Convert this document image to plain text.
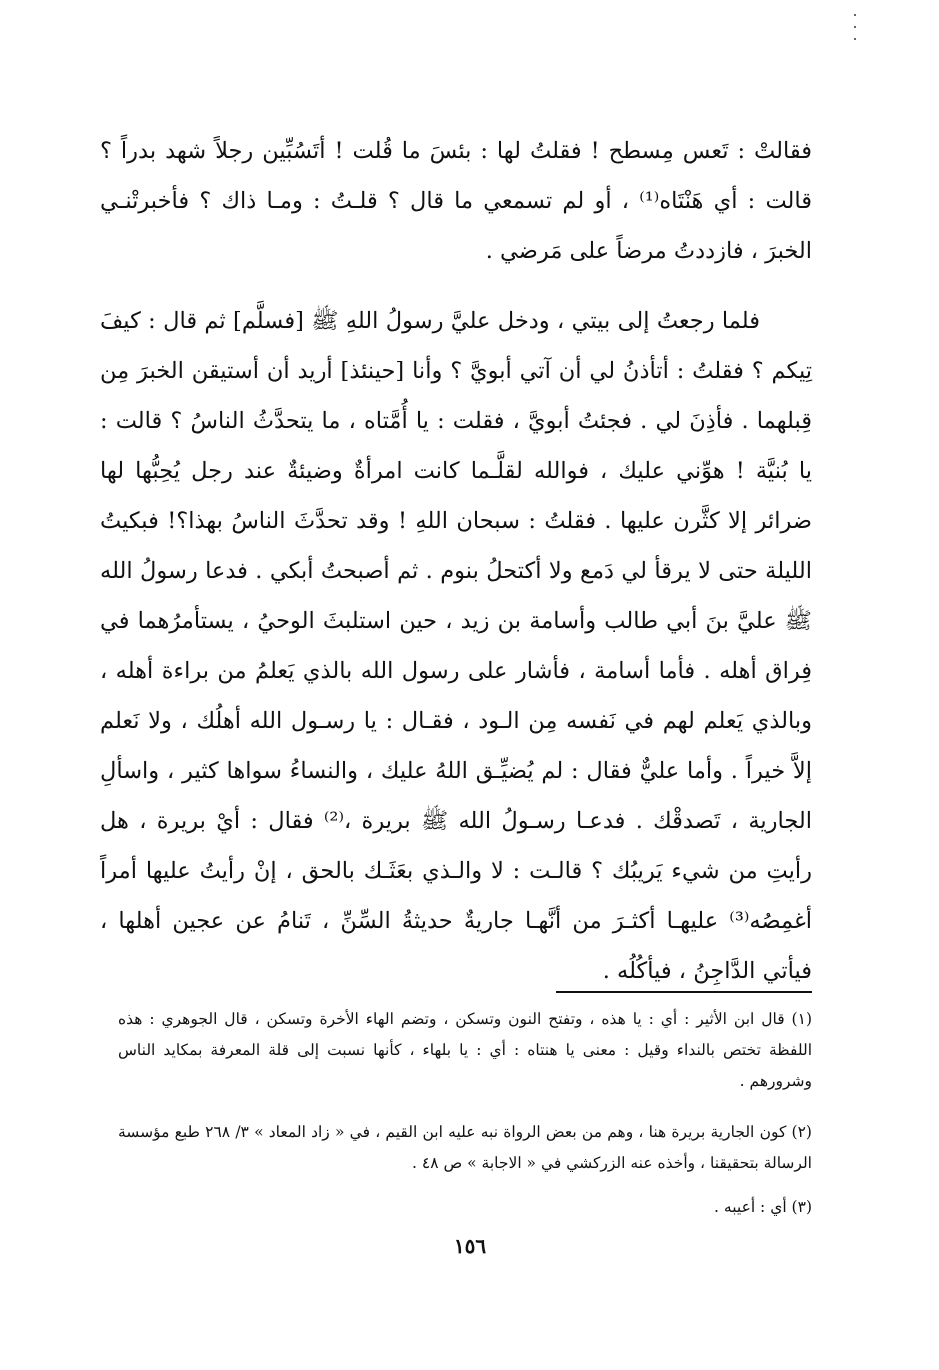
فقالتْ : تَعس مِسطح ! فقلتُ لها : بئسَ ما قُلت ! أتَسُبِّين رجلاً شهد بدراً ؟ قالت : أي هَنْتَاه⁽¹⁾ ، أو لم تسمعي ما قال ؟ قلـتُ : ومـا ذاك ؟ فأخبرتْنـي الخبرَ ، فازددتُ مرضاً على مَرضي .

فلما رجعتُ إلى بيتي ، ودخل عليَّ رسولُ اللهِ ﷺ [فسلَّم] ثم قال : كيفَ تِيكم ؟ فقلتُ : أتأذنُ لي أن آتي أبويَّ ؟ وأنا [حينئذ] أريد أن أستيقن الخبرَ مِن قِبلهما . فأذِنَ لي . فجئتُ أبويَّ ، فقلت : يا أُمَّتاه ، ما يتحدَّثُ الناسُ ؟ قالت : يا بُنيَّة ! هوِّني عليك ، فوالله لقلَّـما كانت امرأةٌ وضيئةٌ عند رجل يُحِبُّها لها ضرائر إلا كثَّرن عليها . فقلتُ : سبحان اللهِ ! وقد تحدَّثَ الناسُ بهذا؟! فبكيتُ الليلة حتى لا يرقأ لي دَمع ولا أكتحلُ بنوم . ثم أصبحتُ أبكي . فدعا رسولُ الله ﷺ عليَّ بنَ أبي طالب وأسامة بن زيد ، حين استلبثَ الوحيُ ، يستأمرُهما في فِراق أهله . فأما أسامة ، فأشار على رسول الله بالذي يَعلمُ من براءة أهله ، وبالذي يَعلم لهم في نَفسه مِن الـود ، فقـال : يا رسـول الله أهلُك ، ولا نَعلم إلاَّ خيراً . وأما عليٌّ فقال : لم يُضيِّـق اللهُ عليك ، والنساءُ سواها كثير ، واسألِ الجارية ، تَصدقْك . فدعـا رسـولُ الله ﷺ بريرة ،⁽²⁾ فقال : أيْ بريرة ، هل رأيتِ من شيء يَريبُك ؟ قالـت : لا والـذي بعَثَـك بالحق ، إنْ رأيتُ عليها أمراً أغمِصُه⁽³⁾ عليهـا أكثـرَ من أنَّهـا جاريةٌ حديثةُ السِّنِّ ، تَنامُ عن عجين أهلها ، فيأتي الدَّاجِنُ ، فيأكُلُه .

(١) قال ابن الأثير : أي : يا هذه ، وتفتح النون وتسكن ، وتضم الهاء الأخرة وتسكن ، قال الجوهري : هذه اللفظة تختص بالنداء وقيل : معنى يا هنتاه : أي : يا بلهاء ، كأنها نسبت إلى قلة المعرفة بمكايد الناس وشرورهم .

(٢) كون الجارية بريرة هنا ، وهم من بعض الرواة نبه عليه ابن القيم ، في « زاد المعاد » ٣/ ٢٦٨ طبع مؤسسة الرسالة بتحقيقنا ، وأخذه عنه الزركشي في « الاجابة » ص ٤٨ .

(٣) أي : أعيبه .

١٥٦
